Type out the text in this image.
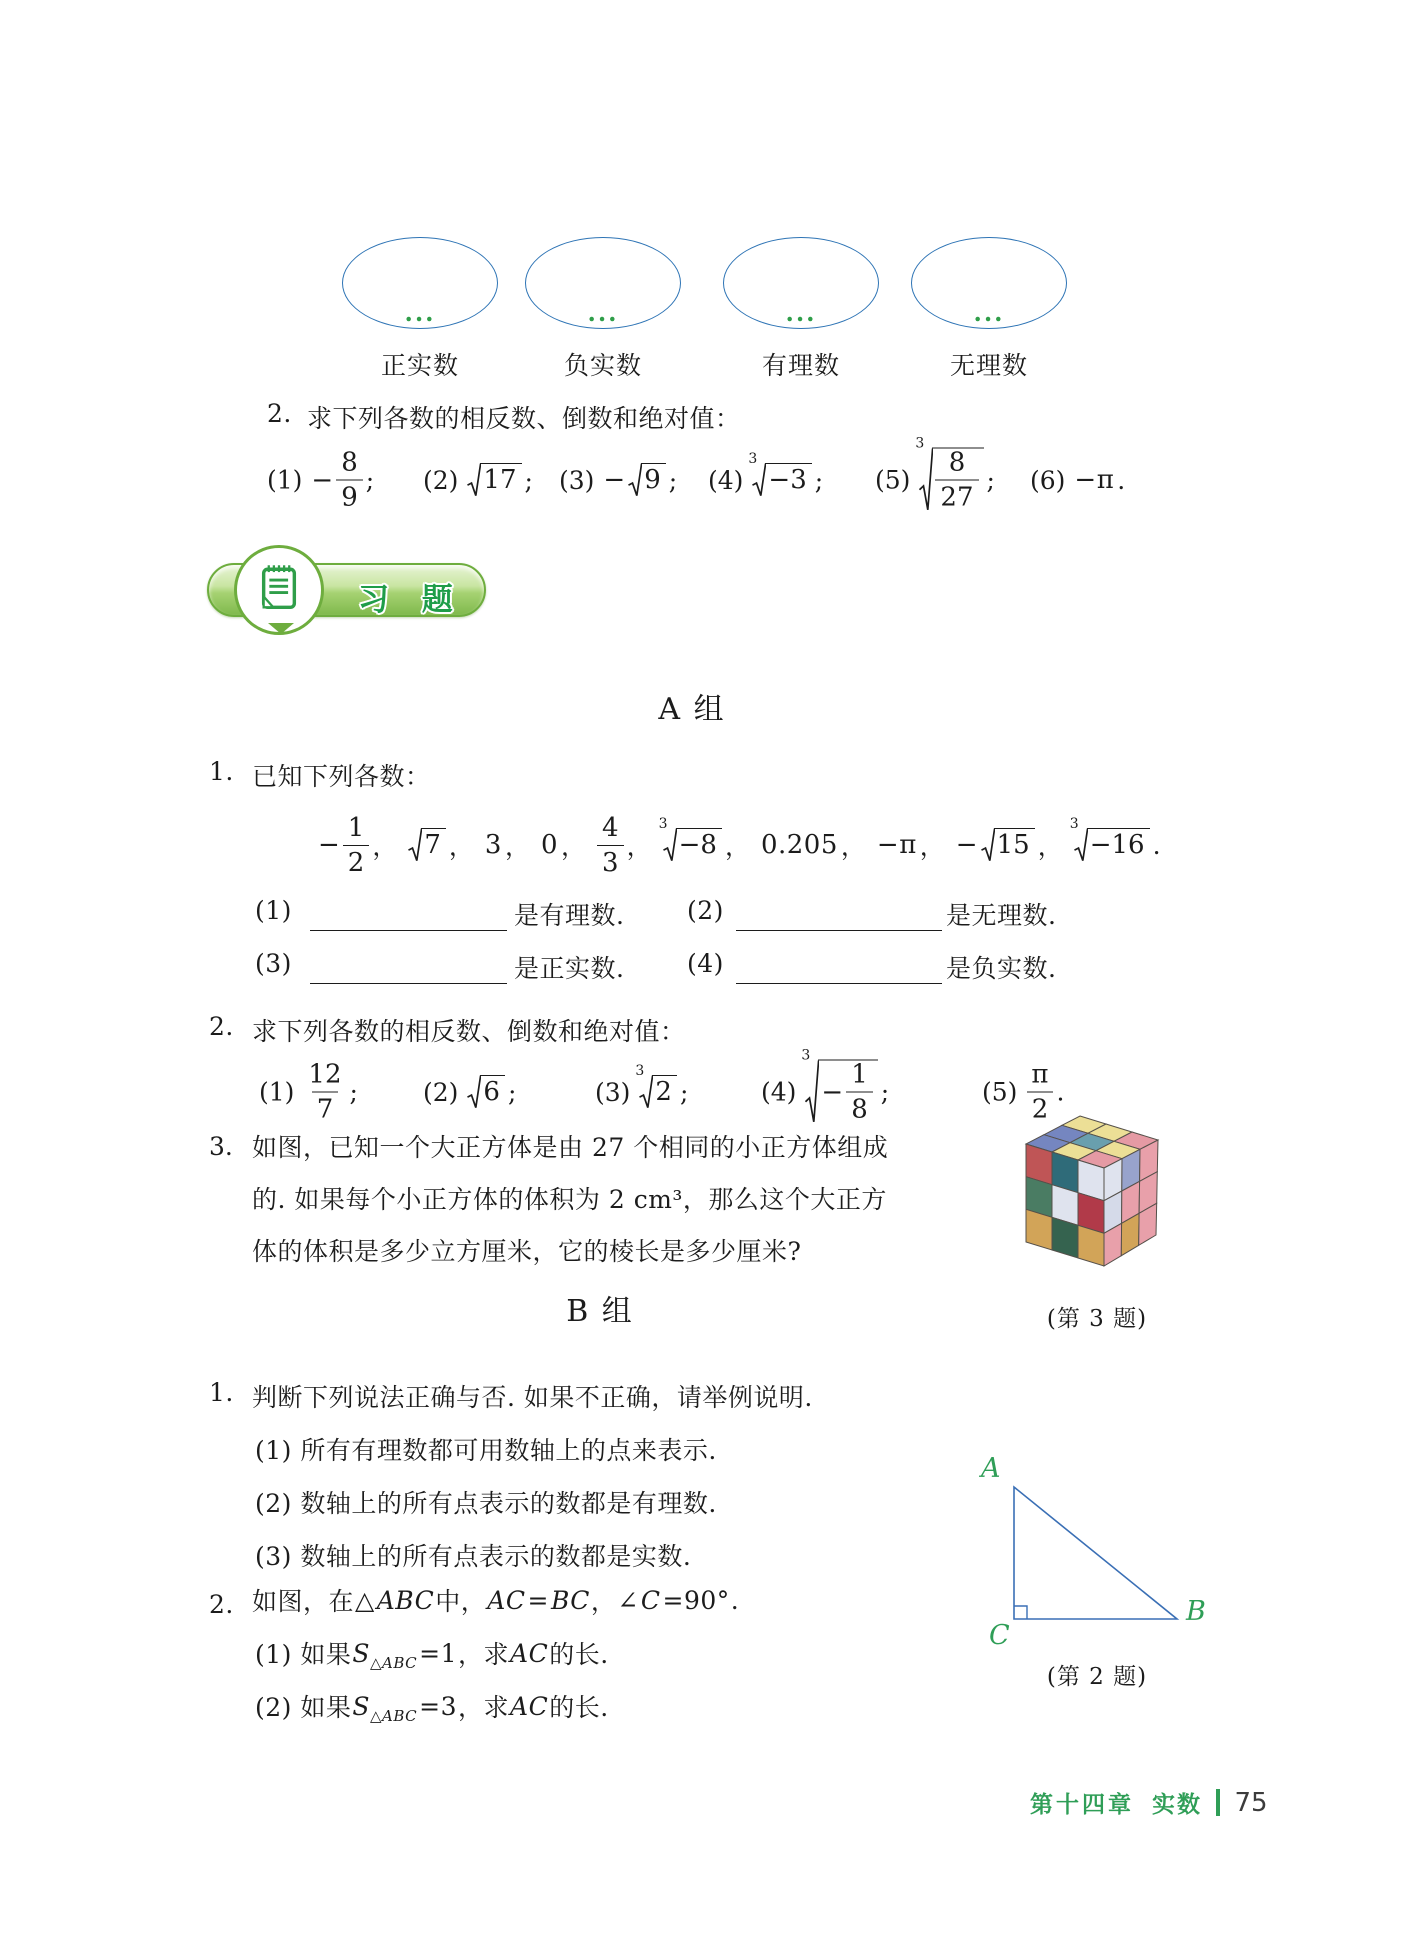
...
正实数
...
负实数
...
有理数
...
无理数
2. 求下列各数的相反数、倒数和绝对值：
$(1) - \frac{8}{9}$ ; (2) 17 ; (3) − 9 ; (4)
3
−3 ; (5)
3
$\frac{8}{27}$ ; (6) −π .
习 题
A 组
1. 已知下列各数：
− $\frac{1}{2}$ ， 7 ， 3 ， 0 ， $\frac{4}{3}$ ，
3
−8 ， 0.205 ， −π ， − 15 ，
3
−16 .
(1)	是有理数.	(2)	是无理数.
(3)	是正实数.	(4)	是负实数.
2. 求下列各数的相反数、倒数和绝对值：
$(1) \frac{12}{7}$ ;	(2) 6 ;	(3)
3
2 ;	(4)
3
− $\frac{1}{8}$ ;	$(5) \frac{\pi}{2}$ .
3. 如图，已知一个大正方体是由 27 个相同的小正方体组成
的. 如果每个小正方体的体积为 2 cm³，那么这个大正方
体的体积是多少立方厘米，它的棱长是多少厘米?
(第 3 题)
B 组
1. 判断下列说法正确与否. 如果不正确，请举例说明.
(1) 所有有理数都可用数轴上的点来表示.
(2) 数轴上的所有点表示的数都是有理数.
(3) 数轴上的所有点表示的数都是实数.
2. 如图，在 △ ABC 中， AC = BC ， ∠ C =90° .
(1) 如果 $S_{\triangle ABC} =1$ ，求 AC 的长.
(2) 如果 $S_{\triangle ABC} =3$ ，求 AC 的长.
A
B
C
(第 2 题)
第十四章 实数 75
